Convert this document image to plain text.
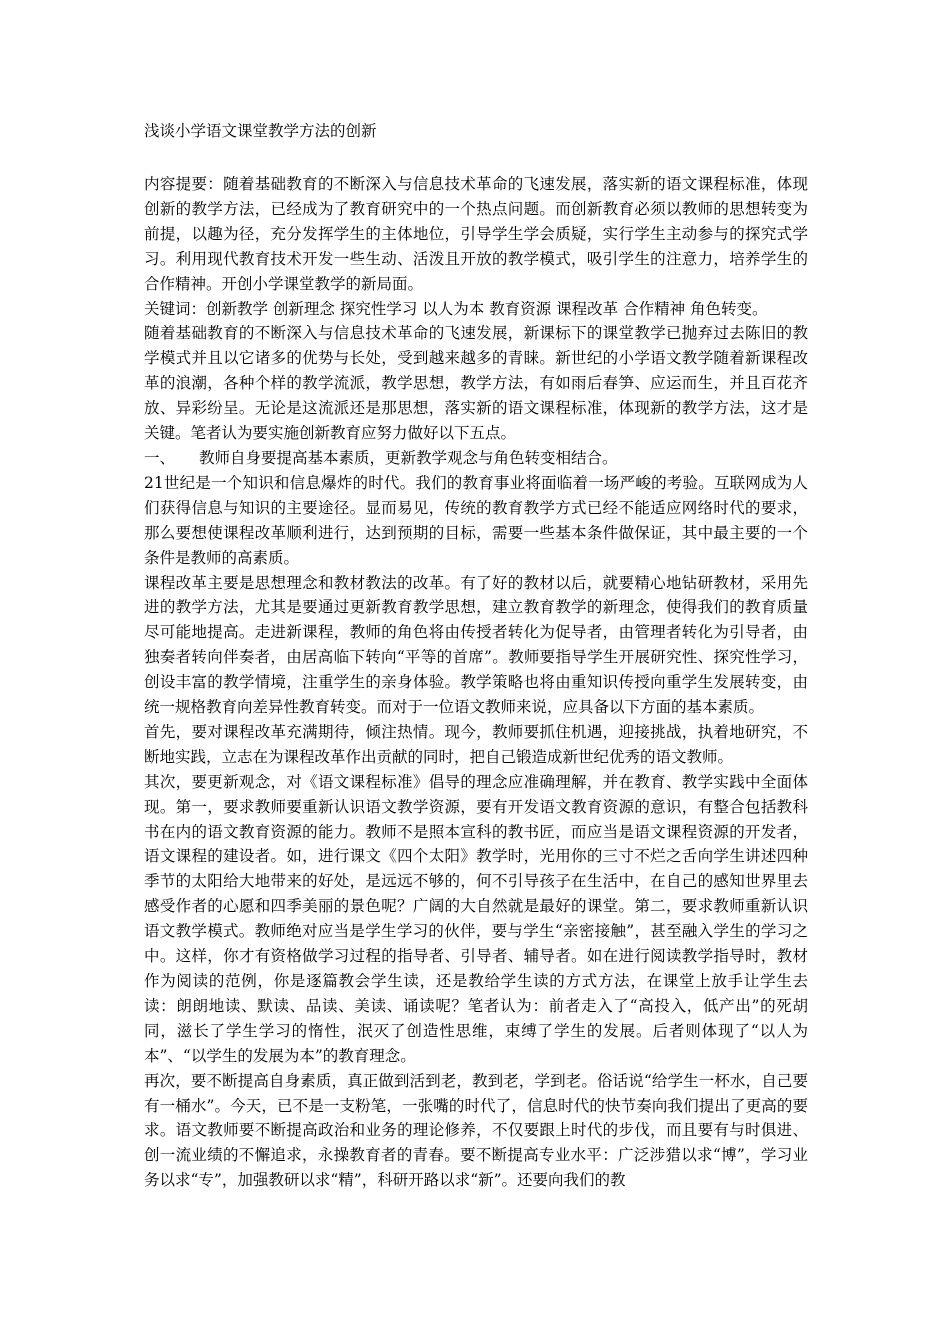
浅谈小学语文课堂教学方法的创新

内容提要：随着基础教育的不断深入与信息技术革命的飞速发展，落实新的语文课程标准，体现创新的教学方法，已经成为了教育研究中的一个热点问题。而创新教育必须以教师的思想转变为前提，以趣为径，充分发挥学生的主体地位，引导学生学会质疑，实行学生主动参与的探究式学习。利用现代教育技术开发一些生动、活泼且开放的教学模式，吸引学生的注意力，培养学生的合作精神。开创小学课堂教学的新局面。

关键词：创新教学 创新理念 探究性学习 以人为本 教育资源 课程改革 合作精神 角色转变。

随着基础教育的不断深入与信息技术革命的飞速发展，新课标下的课堂教学已抛弃过去陈旧的教学模式并且以它诸多的优势与长处，受到越来越多的青睐。新世纪的小学语文教学随着新课程改革的浪潮，各种个样的教学流派，教学思想，教学方法，有如雨后春笋、应运而生，并且百花齐放、异彩纷呈。无论是这流派还是那思想，落实新的语文课程标准，体现新的教学方法，这才是关键。笔者认为要实施创新教育应努力做好以下五点。

一、 教师自身要提高基本素质，更新教学观念与角色转变相结合。

21世纪是一个知识和信息爆炸的时代。我们的教育事业将面临着一场严峻的考验。互联网成为人们获得信息与知识的主要途径。显而易见，传统的教育教学方式已经不能适应网络时代的要求，那么要想使课程改革顺利进行，达到预期的目标，需要一些基本条件做保证，其中最主要的一个条件是教师的高素质。

课程改革主要是思想理念和教材教法的改革。有了好的教材以后，就要精心地钻研教材，采用先进的教学方法，尤其是要通过更新教育教学思想，建立教育教学的新理念，使得我们的教育质量尽可能地提高。走进新课程，教师的角色将由传授者转化为促导者，由管理者转化为引导者，由独奏者转向伴奏者，由居高临下转向“平等的首席”。教师要指导学生开展研究性、探究性学习，创设丰富的教学情境，注重学生的亲身体验。教学策略也将由重知识传授向重学生发展转变，由统一规格教育向差异性教育转变。而对于一位语文教师来说，应具备以下方面的基本素质。

首先，要对课程改革充满期待，倾注热情。现今，教师要抓住机遇，迎接挑战，执着地研究，不断地实践，立志在为课程改革作出贡献的同时，把自己锻造成新世纪优秀的语文教师。

其次，要更新观念，对《语文课程标准》倡导的理念应准确理解，并在教育、教学实践中全面体现。第一，要求教师要重新认识语文教学资源，要有开发语文教育资源的意识，有整合包括教科书在内的语文教育资源的能力。教师不是照本宣科的教书匠，而应当是语文课程资源的开发者，语文课程的建设者。如，进行课文《四个太阳》教学时，光用你的三寸不烂之舌向学生讲述四种季节的太阳给大地带来的好处，是远远不够的，何不引导孩子在生活中，在自己的感知世界里去感受作者的心愿和四季美丽的景色呢？广阔的大自然就是最好的课堂。第二，要求教师重新认识语文教学模式。教师绝对应当是学生学习的伙伴，要与学生“亲密接触”，甚至融入学生的学习之中。这样，你才有资格做学习过程的指导者、引导者、辅导者。如在进行阅读教学指导时，教材作为阅读的范例，你是逐篇教会学生读，还是教给学生读的方式方法，在课堂上放手让学生去读：朗朗地读、默读、品读、美读、诵读呢？笔者认为：前者走入了“高投入，低产出”的死胡同，滋长了学生学习的惰性，泯灭了创造性思维，束缚了学生的发展。后者则体现了“以人为本”、“以学生的发展为本”的教育理念。

再次，要不断提高自身素质，真正做到活到老，教到老，学到老。俗话说“给学生一杯水，自己要有一桶水”。今天，已不是一支粉笔，一张嘴的时代了，信息时代的快节奏向我们提出了更高的要求。语文教师要不断提高政治和业务的理论修养，不仅要跟上时代的步伐，而且要有与时俱进、创一流业绩的不懈追求，永操教育者的青春。要不断提高专业水平：广泛涉猎以求“博”，学习业务以求“专”，加强教研以求“精”，科研开路以求“新”。还要向我们的教
